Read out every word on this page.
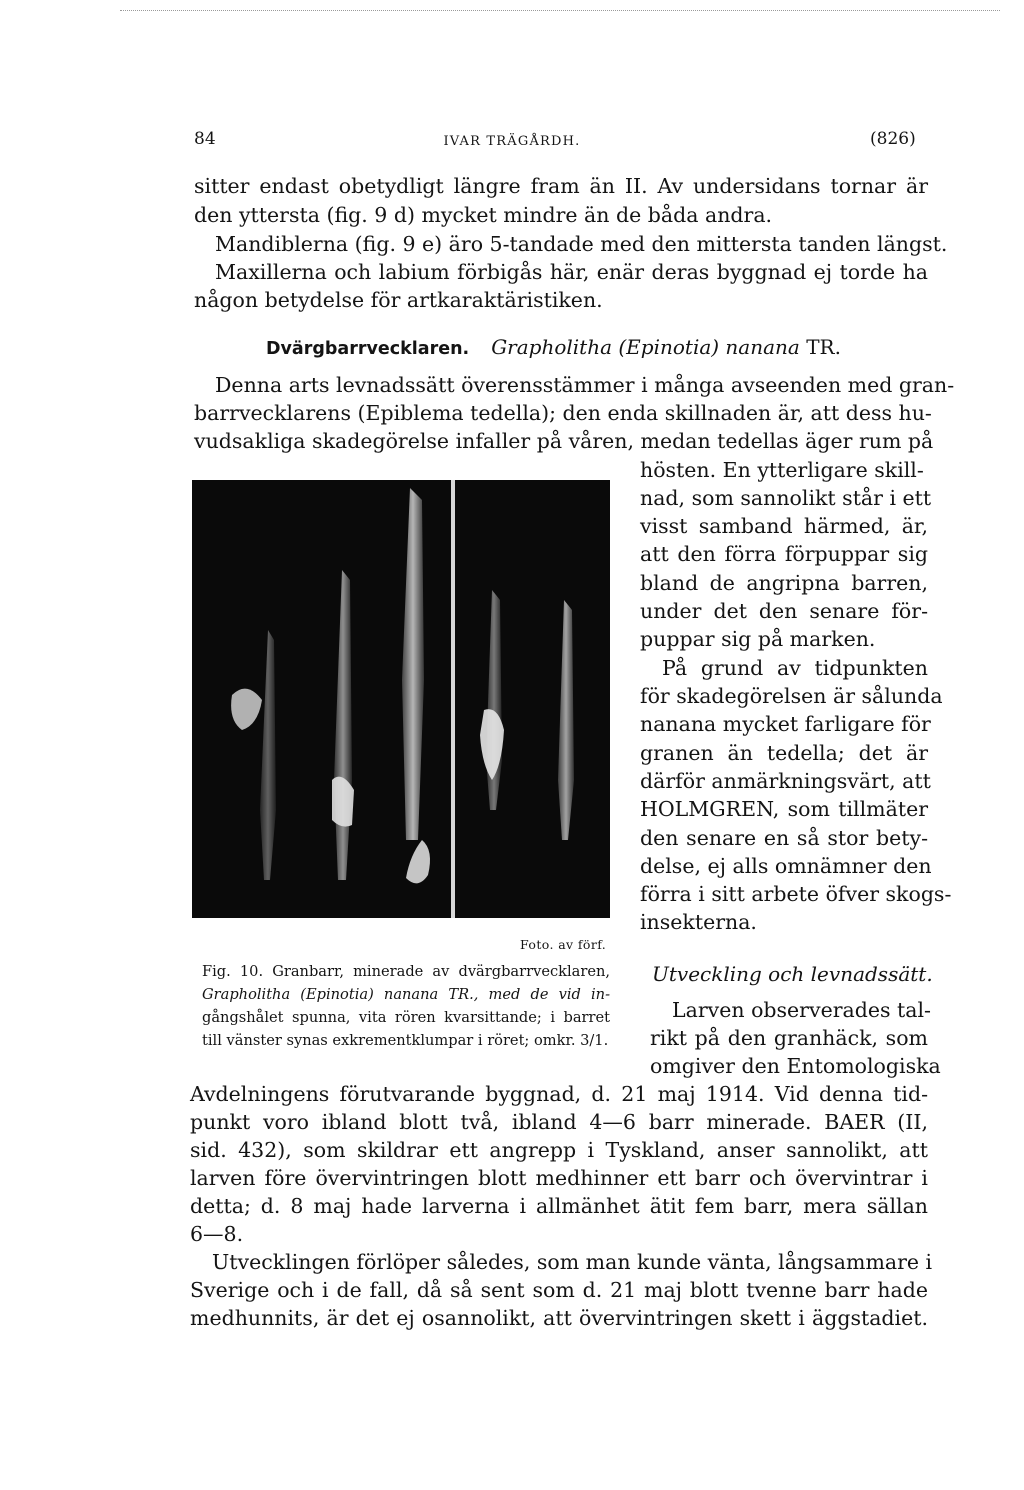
84	IVAR TRÄGÅRDH.	(826)

sitter endast obetydligt längre fram än II. Av undersidans tornar är

den yttersta (fig. 9 d) mycket mindre än de båda andra.

Mandiblerna (fig. 9 e) äro 5-tandade med den mittersta tanden längst.

Maxillerna och labium förbigås här, enär deras byggnad ej torde ha

någon betydelse för artkaraktäristiken.

Dvärgbarrvecklaren. Grapholitha (Epinotia) nanana TR.

Denna arts levnadssätt överensstämmer i många avseenden med gran-

barrvecklarens (Epiblema tedella); den enda skillnaden är, att dess hu-

vudsakliga skadegörelse infaller på våren, medan tedellas äger rum på

hösten. En ytterligare skill-

nad, som sannolikt står i ett

visst samband härmed, är,

att den förra förpuppar sig

bland de angripna barren,

under det den senare för-

puppar sig på marken.

På grund av tidpunkten

för skadegörelsen är sålunda

nanana mycket farligare för

granen än tedella; det är

därför anmärkningsvärt, att

HOLMGREN, som tillmäter

den senare en så stor bety-

delse, ej alls omnämner den

förra i sitt arbete öfver skogs-

insekterna.

Foto. av förf.

Fig. 10. Granbarr, minerade av dvärgbarrvecklaren,

Grapholitha (Epinotia) nanana TR., med de vid in-

gångshålet spunna, vita rören kvarsittande; i barret

till vänster synas exkrementklumpar i röret; omkr. 3/1.

Utveckling och levnadssätt.

Larven observerades tal-

rikt på den granhäck, som

omgiver den Entomologiska

Avdelningens förutvarande byggnad, d. 21 maj 1914. Vid denna tid-

punkt voro ibland blott två, ibland 4—6 barr minerade. BAER (II,

sid. 432), som skildrar ett angrepp i Tyskland, anser sannolikt, att

larven före övervintringen blott medhinner ett barr och övervintrar i

detta; d. 8 maj hade larverna i allmänhet ätit fem barr, mera sällan

6—8.

Utvecklingen förlöper således, som man kunde vänta, långsammare i

Sverige och i de fall, då så sent som d. 21 maj blott tvenne barr hade

medhunnits, är det ej osannolikt, att övervintringen skett i äggstadiet.
